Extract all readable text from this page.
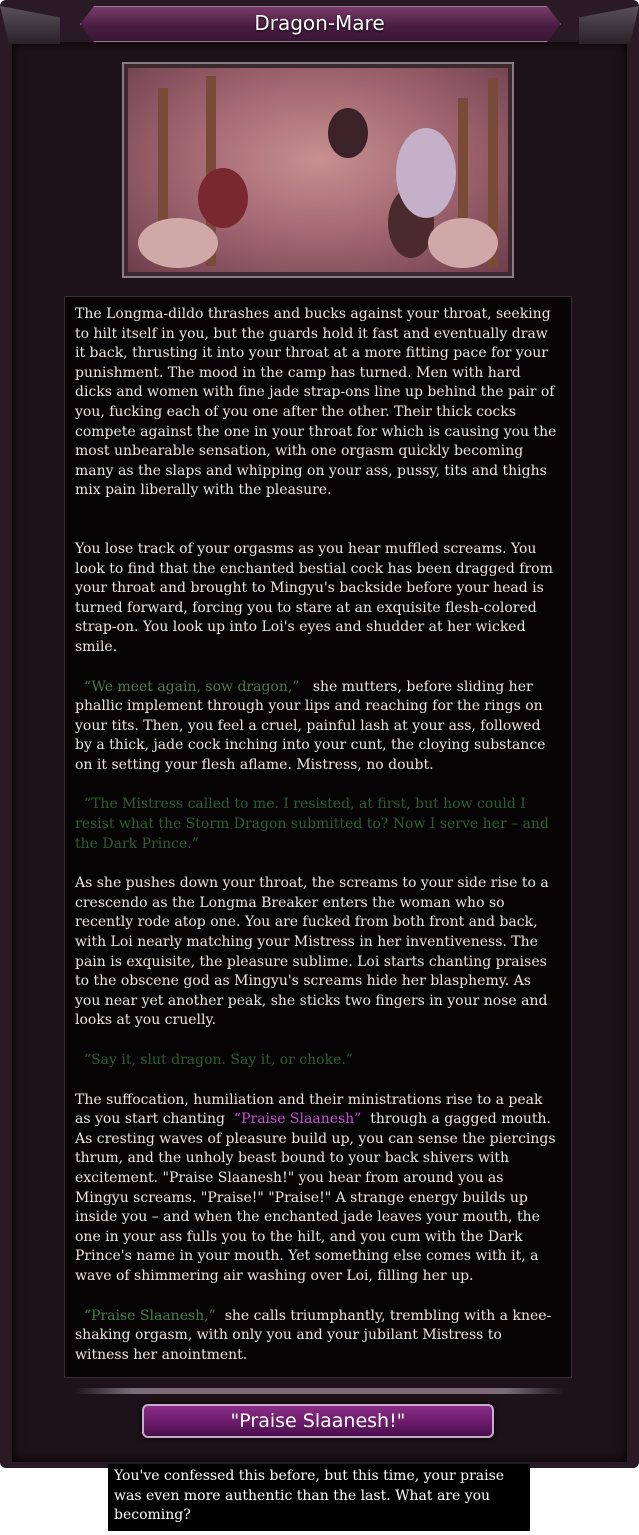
Dragon-Mare

The Longma-dildo thrashes and bucks against your throat, seeking to hilt itself in you, but the guards hold it fast and eventually draw it back, thrusting it into your throat at a more fitting pace for your punishment. The mood in the camp has turned. Men with hard dicks and women with fine jade strap-ons line up behind the pair of you, fucking each of you one after the other. Their thick cocks compete against the one in your throat for which is causing you the most unbearable sensation, with one orgasm quickly becoming many as the slaps and whipping on your ass, pussy, tits and thighs mix pain liberally with the pleasure.

You lose track of your orgasms as you hear muffled screams. You look to find that the enchanted bestial cock has been dragged from your throat and brought to Mingyu's backside before your head is turned forward, forcing you to stare at an exquisite flesh-colored strap-on. You look up into Loi's eyes and shudder at her wicked smile.

“We meet again, sow dragon,”   she mutters, before sliding her phallic implement through your lips and reaching for the rings on your tits. Then, you feel a cruel, painful lash at your ass, followed by a thick, jade cock inching into your cunt, the cloying substance on it setting your flesh aflame. Mistress, no doubt.

“The Mistress called to me. I resisted, at first, but how could I resist what the Storm Dragon submitted to? Now I serve her – and the Dark Prince.”

As she pushes down your throat, the screams to your side rise to a crescendo as the Longma Breaker enters the woman who so recently rode atop one. You are fucked from both front and back, with Loi nearly matching your Mistress in her inventiveness. The pain is exquisite, the pleasure sublime. Loi starts chanting praises to the obscene god as Mingyu's screams hide her blasphemy. As you near yet another peak, she sticks two fingers in your nose and looks at you cruelly.

“Say it, slut dragon. Say it, or choke.”

The suffocation, humiliation and their ministrations rise to a peak as you start chanting  “Praise Slaanesh”  through a gagged mouth. As cresting waves of pleasure build up, you can sense the piercings thrum, and the unholy beast bound to your back shivers with excitement. "Praise Slaanesh!" you hear from around you as Mingyu screams. "Praise!" "Praise!" A strange energy builds up inside you – and when the enchanted jade leaves your mouth, the one in your ass fulls you to the hilt, and you cum with the Dark Prince's name in your mouth. Yet something else comes with it, a wave of shimmering air washing over Loi, filling her up.

“Praise Slaanesh,”  she calls triumphantly, trembling with a knee-shaking orgasm, with only you and your jubilant Mistress to witness her anointment.

"Praise Slaanesh!"
You've confessed this before, but this time, your praise was even more authentic than the last. What are you becoming?
